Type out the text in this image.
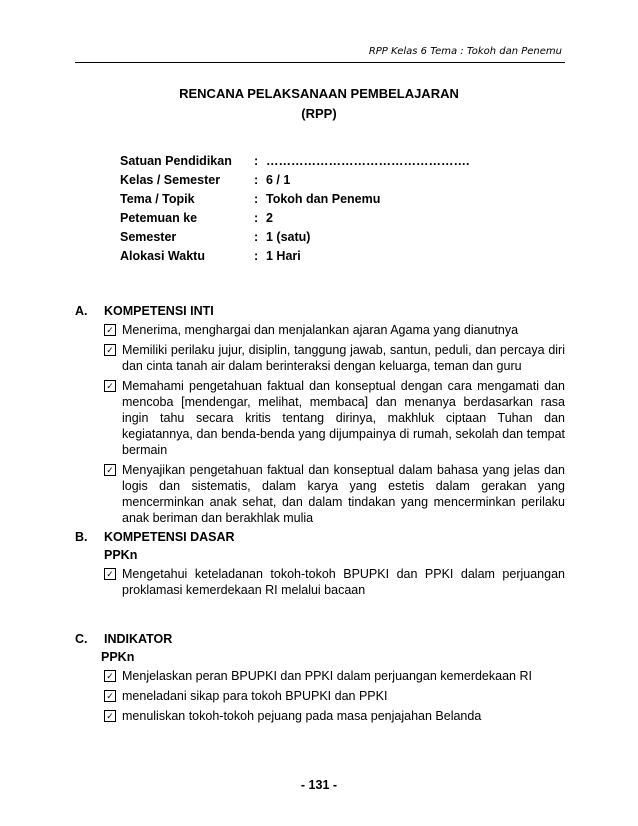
RPP Kelas 6 Tema : Tokoh dan Penemu
RENCANA PELAKSANAAN PEMBELAJARAN
(RPP)
Satuan Pendidikan : ………………………………………….
Kelas / Semester	: 6 / 1
Tema / Topik	: Tokoh dan Penemu
Petemuan ke	: 2
Semester	: 1 (satu)
Alokasi Waktu	: 1 Hari
A. KOMPETENSI INTI
✓ Menerima, menghargai dan menjalankan ajaran Agama yang dianutnya
✓ Memiliki perilaku jujur, disiplin, tanggung jawab, santun, peduli, dan percaya diri dan cinta tanah air dalam berinteraksi dengan keluarga, teman dan guru
✓ Memahami pengetahuan faktual dan konseptual dengan cara mengamati dan mencoba [mendengar, melihat, membaca] dan menanya berdasarkan rasa ingin tahu secara kritis tentang dirinya, makhluk ciptaan Tuhan dan kegiatannya, dan benda-benda yang dijumpainya di rumah, sekolah dan tempat bermain
✓ Menyajikan pengetahuan faktual dan konseptual dalam bahasa yang jelas dan logis dan sistematis, dalam karya yang estetis dalam gerakan yang mencerminkan anak sehat, dan dalam tindakan yang mencerminkan perilaku anak beriman dan berakhlak mulia
B. KOMPETENSI DASAR
PPKn
✓ Mengetahui keteladanan tokoh-tokoh BPUPKI dan PPKI dalam perjuangan proklamasi kemerdekaan RI melalui bacaan
C. INDIKATOR
PPKn
✓ Menjelaskan peran BPUPKI dan PPKI dalam perjuangan kemerdekaan RI
✓ meneladani sikap para tokoh BPUPKI dan PPKI
✓ menuliskan tokoh-tokoh pejuang pada masa penjajahan Belanda
- 131 -
